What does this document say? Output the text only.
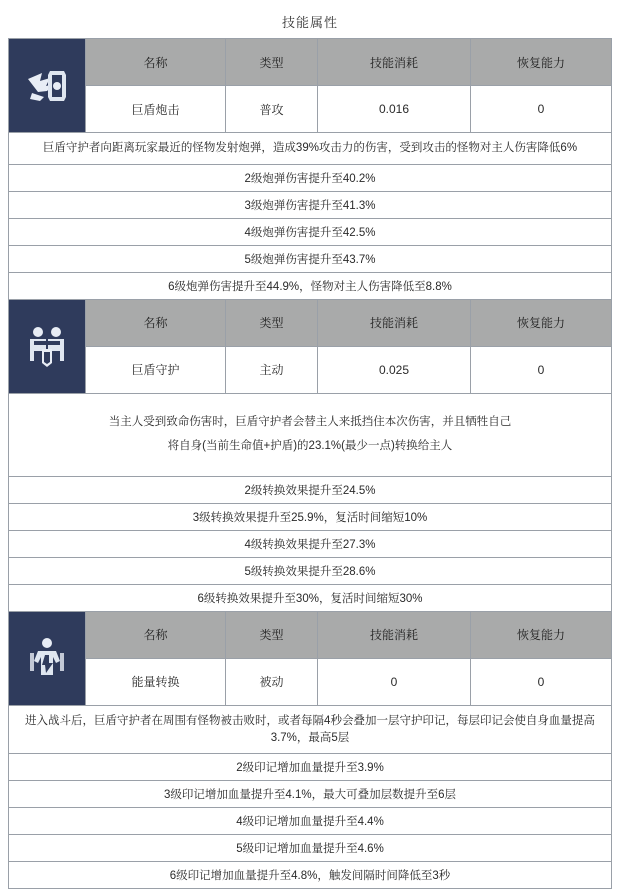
技能属性
名称	类型	技能消耗	恢复能力
巨盾炮击	普攻	0.016	0
巨盾守护者向距离玩家最近的怪物发射炮弹，造成39%攻击力的伤害，受到攻击的怪物对主人伤害降低6%
2级炮弹伤害提升至40.2%
3级炮弹伤害提升至41.3%
4级炮弹伤害提升至42.5%
5级炮弹伤害提升至43.7%
6级炮弹伤害提升至44.9%，怪物对主人伤害降低至8.8%
名称	类型	技能消耗	恢复能力
巨盾守护	主动	0.025	0
当主人受到致命伤害时，巨盾守护者会替主人来抵挡住本次伤害，并且牺牲自己
将自身(当前生命值+护盾)的23.1%(最少一点)转换给主人
2级转换效果提升至24.5%
3级转换效果提升至25.9%，复活时间缩短10%
4级转换效果提升至27.3%
5级转换效果提升至28.6%
6级转换效果提升至30%，复活时间缩短30%
名称	类型	技能消耗	恢复能力
能量转换	被动	0	0
进入战斗后，巨盾守护者在周围有怪物被击败时，或者每隔4秒会叠加一层守护印记，每层印记会使自身血量提高3.7%，最高5层
2级印记增加血量提升至3.9%
3级印记增加血量提升至4.1%，最大可叠加层数提升至6层
4级印记增加血量提升至4.4%
5级印记增加血量提升至4.6%
6级印记增加血量提升至4.8%，触发间隔时间降低至3秒
